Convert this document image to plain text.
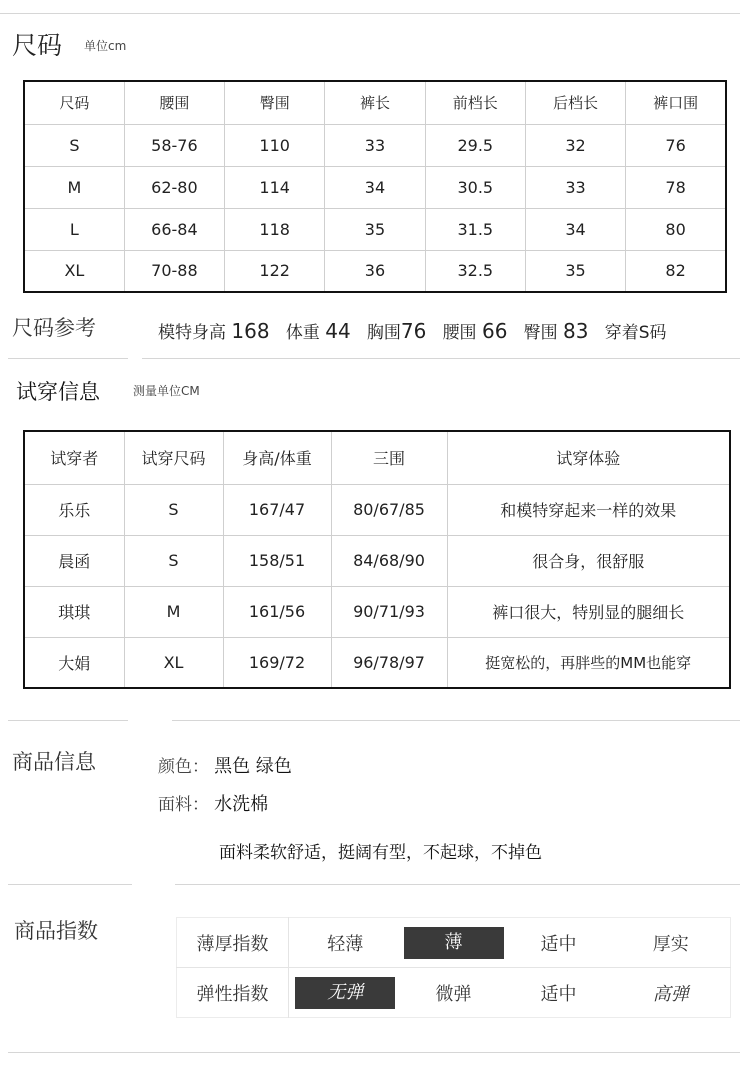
尺码 单位cm
尺码	腰围	臀围	裤长	前档长	后档长	裤口围
S	58-76	110	33	29.5	32	76
M	62-80	114	34	30.5	33	78
L	66-84	118	35	31.5	34	80
XL	70-88	122	36	32.5	35	82
尺码参考	模特身高 168 体重 44 胸围76 腰围 66 臀围 83 穿着S码
试穿信息	测量单位CM
试穿者	试穿尺码	身高/体重	三围	试穿体验
乐乐	S	167/47	80/67/85	和模特穿起来一样的效果
晨函	S	158/51	84/68/90	很合身，很舒服
琪琪	M	161/56	90/71/93	裤口很大，特别显的腿细长
大娟	XL	169/72	96/78/97	挺宽松的，再胖些的MM也能穿
商品信息	颜色： 黑色 绿色
面料： 水洗棉
面料柔软舒适，挺阔有型，不起球，不掉色
商品指数
薄厚指数	轻薄	薄	适中	厚实
弹性指数	无弹	微弹	适中	高弹
